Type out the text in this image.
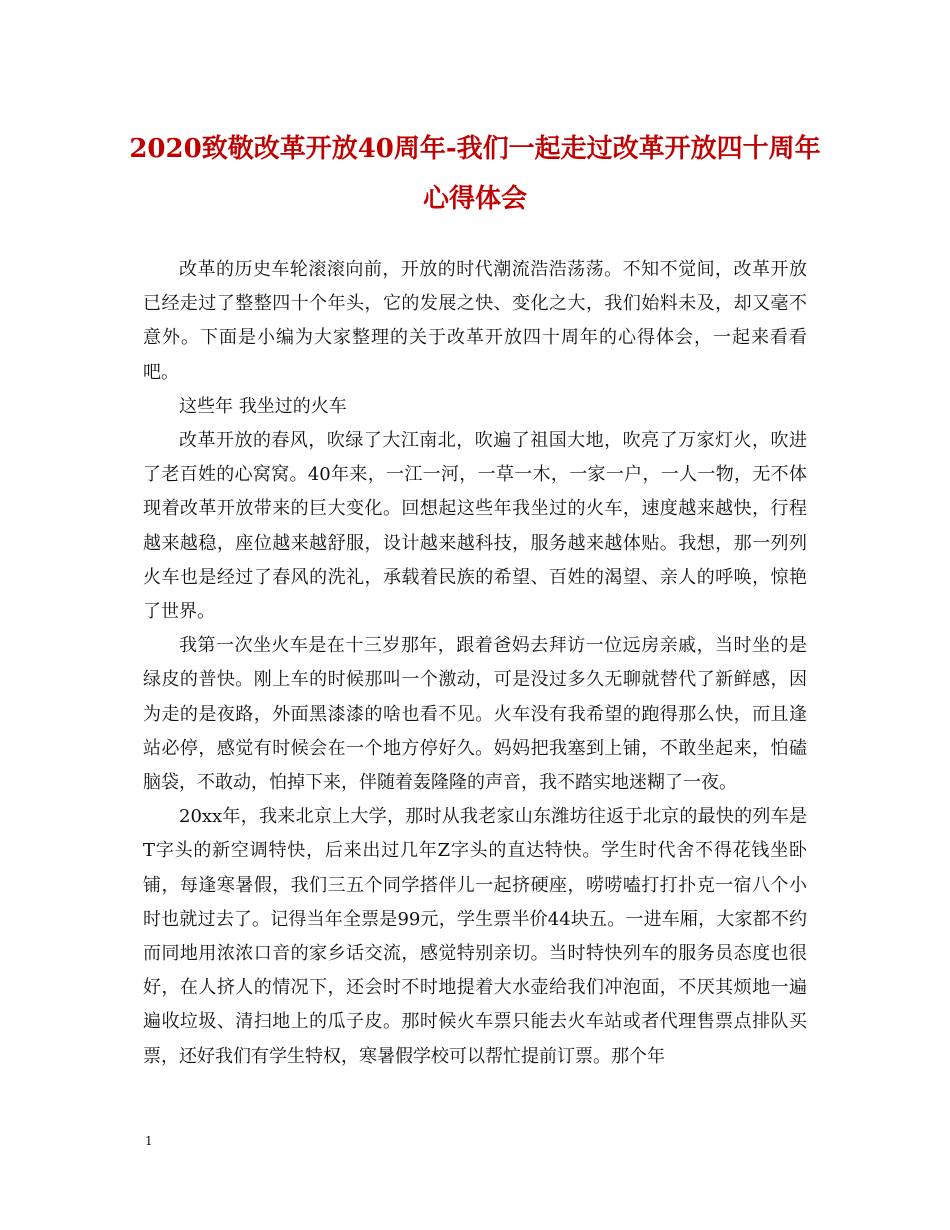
2020致敬改革开放40周年-我们一起走过改革开放四十周年
心得体会

改革的历史车轮滚滚向前，开放的时代潮流浩浩荡荡。不知不觉间，改革开放已经走过了整整四十个年头，它的发展之快、变化之大，我们始料未及，却又毫不意外。下面是小编为大家整理的关于改革开放四十周年的心得体会，一起来看看吧。

这些年 我坐过的火车

改革开放的春风，吹绿了大江南北，吹遍了祖国大地，吹亮了万家灯火，吹进了老百姓的心窝窝。40年来，一江一河，一草一木，一家一户，一人一物，无不体现着改革开放带来的巨大变化。回想起这些年我坐过的火车，速度越来越快，行程越来越稳，座位越来越舒服，设计越来越科技，服务越来越体贴。我想，那一列列火车也是经过了春风的洗礼，承载着民族的希望、百姓的渴望、亲人的呼唤，惊艳了世界。

我第一次坐火车是在十三岁那年，跟着爸妈去拜访一位远房亲戚，当时坐的是绿皮的普快。刚上车的时候那叫一个激动，可是没过多久无聊就替代了新鲜感，因为走的是夜路，外面黑漆漆的啥也看不见。火车没有我希望的跑得那么快，而且逢站必停，感觉有时候会在一个地方停好久。妈妈把我塞到上铺，不敢坐起来，怕磕脑袋，不敢动，怕掉下来，伴随着轰隆隆的声音，我不踏实地迷糊了一夜。

20xx年，我来北京上大学，那时从我老家山东潍坊往返于北京的最快的列车是T字头的新空调特快，后来出过几年Z字头的直达特快。学生时代舍不得花钱坐卧铺，每逢寒暑假，我们三五个同学搭伴儿一起挤硬座，唠唠嗑打打扑克一宿八个小时也就过去了。记得当年全票是99元，学生票半价44块五。一进车厢，大家都不约而同地用浓浓口音的家乡话交流，感觉特别亲切。当时特快列车的服务员态度也很好，在人挤人的情况下，还会时不时地提着大水壶给我们冲泡面，不厌其烦地一遍遍收垃圾、清扫地上的瓜子皮。那时候火车票只能去火车站或者代理售票点排队买票，还好我们有学生特权，寒暑假学校可以帮忙提前订票。那个年

1
